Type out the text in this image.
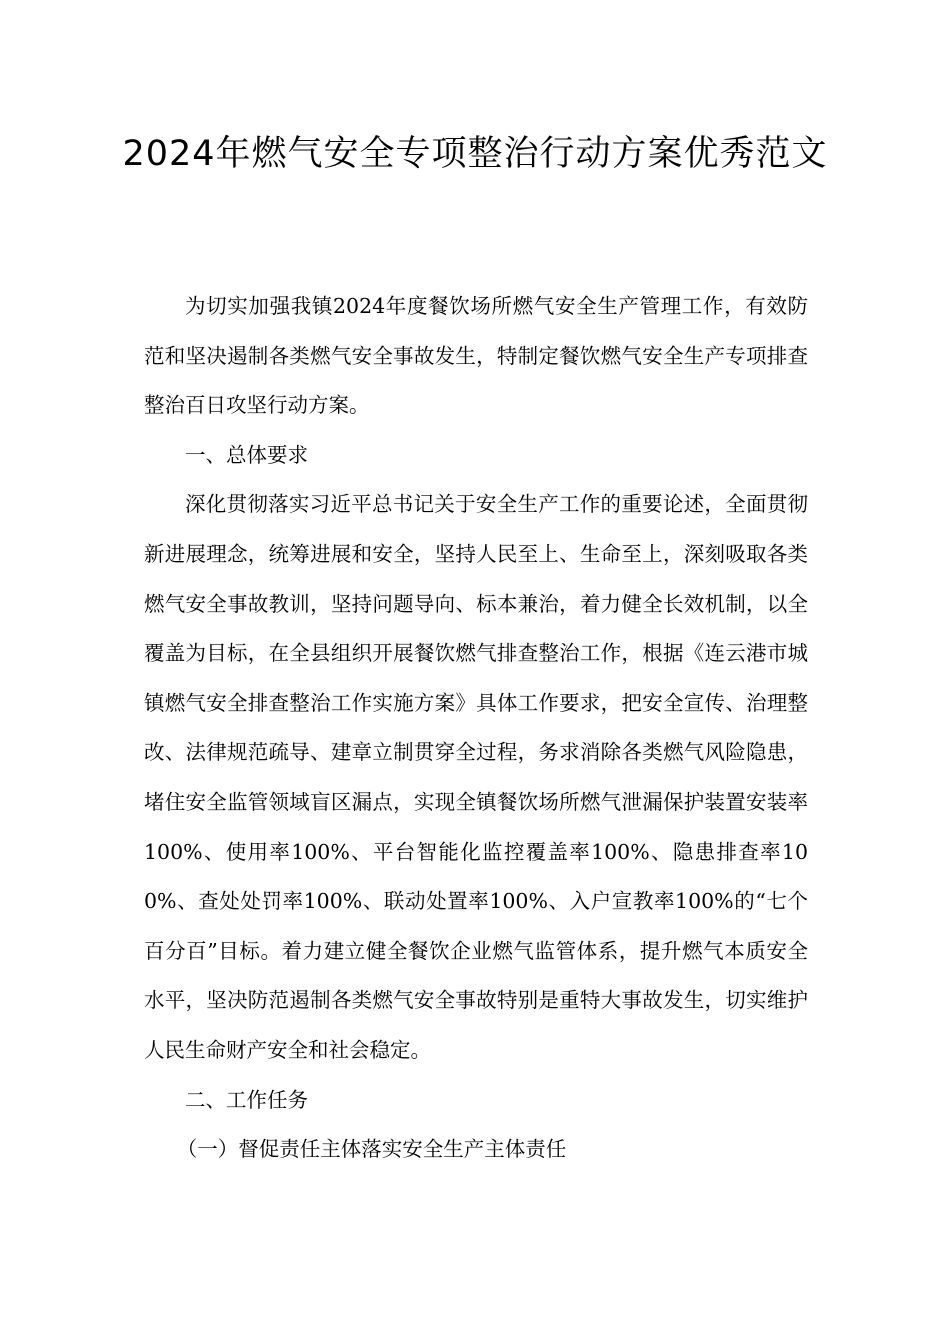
2024年燃气安全专项整治行动方案优秀范文

为切实加强我镇2024年度餐饮场所燃气安全生产管理工作，有效防范和坚决遏制各类燃气安全事故发生，特制定餐饮燃气安全生产专项排查整治百日攻坚行动方案。

一、总体要求

深化贯彻落实习近平总书记关于安全生产工作的重要论述，全面贯彻新进展理念，统筹进展和安全，坚持人民至上、生命至上，深刻吸取各类燃气安全事故教训，坚持问题导向、标本兼治，着力健全长效机制，以全覆盖为目标，在全县组织开展餐饮燃气排查整治工作，根据《连云港市城镇燃气安全排查整治工作实施方案》具体工作要求，把安全宣传、治理整改、法律规范疏导、建章立制贯穿全过程，务求消除各类燃气风险隐患，堵住安全监管领域盲区漏点，实现全镇餐饮场所燃气泄漏保护装置安装率100%、使用率100%、平台智能化监控覆盖率100%、隐患排查率100%、查处处罚率100%、联动处置率100%、入户宣教率100%的“七个百分百”目标。着力建立健全餐饮企业燃气监管体系，提升燃气本质安全水平，坚决防范遏制各类燃气安全事故特别是重特大事故发生，切实维护人民生命财产安全和社会稳定。

二、工作任务

（一）督促责任主体落实安全生产主体责任
